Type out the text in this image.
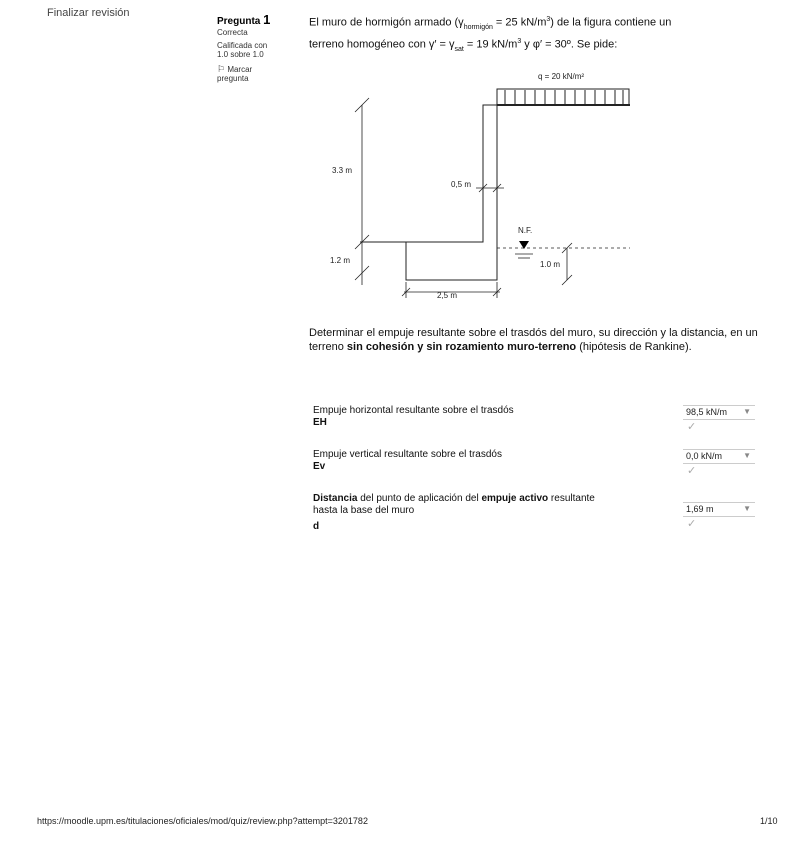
Finalizar revisión
Pregunta 1
Correcta
Calificada con
1.0 sobre 1.0
⚐ Marcar
pregunta
El muro de hormigón armado ($\gamma_{hormigón} = 25$ $kN/m^3$) de la figura contiene un
terreno homogéneo con $\gamma' = \gamma_{sat} = 19$ $kN/m^3$ y φ′ = 30º. Se pide:
q = 20 kN/m²
3.3 m
0,5 m
N.F.
1.2 m	1.0 m
2,5 m
Determinar el empuje resultante sobre el trasdós del muro, su dirección y la distancia, en un terreno sin cohesión y sin rozamiento muro-terreno (hipótesis de Rankine).
Empuje horizontal resultante sobre el trasdós
EH
98,5 kN/m ▼
✓
Empuje vertical resultante sobre el trasdós
Ev
0,0 kN/m	▼
✓
Distancia del punto de aplicación del empuje activo resultante
hasta la base del muro
d
1,69 m	▼
✓
https://moodle.upm.es/titulaciones/oficiales/mod/quiz/review.php?attempt=3201782	1/10
